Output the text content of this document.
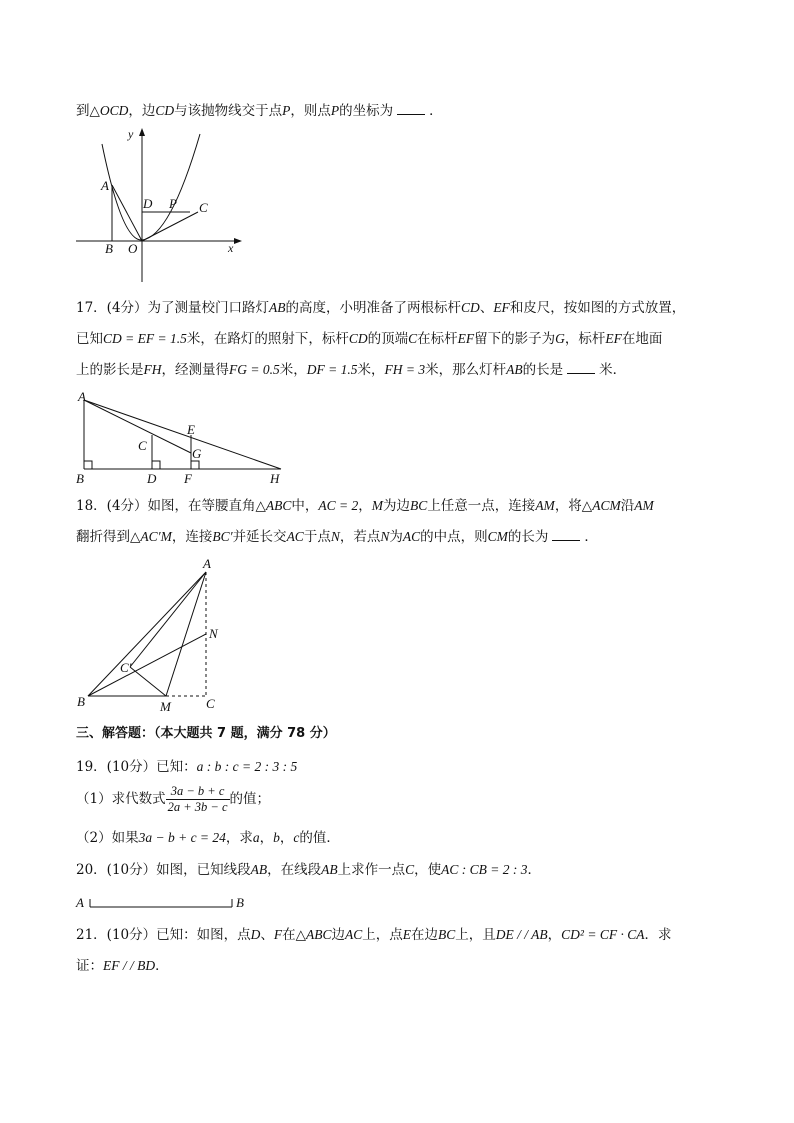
到△OCD，边CD与该抛物线交于点P，则点P的坐标为	．
y
x
A
B O
D P C
17．(4分）为了测量校门口路灯AB的高度，小明准备了两根标杆CD、EF和皮尺，按如图的方式放置，
已知CD = EF = 1.5米，在路灯的照射下，标杆CD的顶端C在标杆EF留下的影子为G，标杆EF在地面
上的影长是FH，经测量得FG = 0.5米，DF = 1.5米，FH = 3米，那么灯杆AB的长是	米．
A
B
C
D
E
F
G
H
18．(4分）如图，在等腰直角△ABC中，AC = 2，M为边BC上任意一点，连接AM，将△ACM沿AM
翻折得到△AC′M，连接BC′并延长交AC于点N，若点N为AC的中点，则CM的长为	．
A
N
C′
B	M	C
三、解答题：（本大题共 7 题，满分 78 分）
19．(10分）已知：a : b : c = 2 : 3 : 5
（1）求代数式 $\frac{3a - b + c}{2a + 3b - c}$ 的值；
（2）如果3a − b + c = 24，求a，b，c的值．
20．(10分）如图，已知线段AB，在线段AB上求作一点C，使AC : CB = 2 : 3．
A	B
21．(10分）已知：如图，点D、F在△ABC边AC上，点E在边BC上，且DE / / AB，CD² = CF · CA．求
证：EF / / BD．
